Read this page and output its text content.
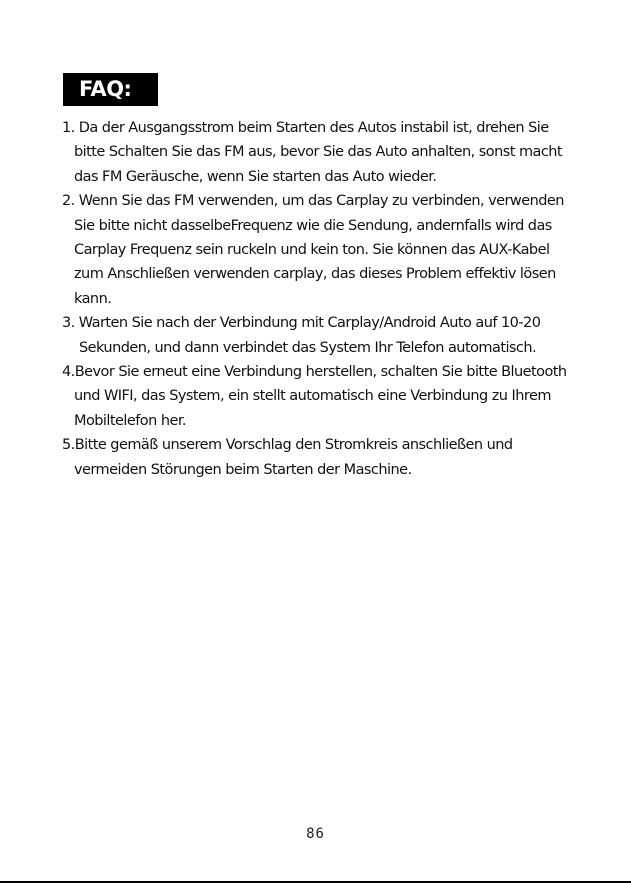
FAQ:
1. Da der Ausgangsstrom beim Starten des Autos instabil ist, drehen Sie
bitte Schalten Sie das FM aus, bevor Sie das Auto anhalten, sonst macht
das FM Geräusche, wenn Sie starten das Auto wieder.
2. Wenn Sie das FM verwenden, um das Carplay zu verbinden, verwenden
Sie bitte nicht dasselbeFrequenz wie die Sendung, andernfalls wird das
Carplay Frequenz sein ruckeln und kein ton. Sie können das AUX-Kabel
zum Anschließen verwenden carplay, das dieses Problem effektiv lösen
kann.
3. Warten Sie nach der Verbindung mit Carplay/Android Auto auf 10-20
Sekunden, und dann verbindet das System Ihr Telefon automatisch.
4.Bevor Sie erneut eine Verbindung herstellen, schalten Sie bitte Bluetooth
und WIFI, das System, ein stellt automatisch eine Verbindung zu Ihrem
Mobiltelefon her.
5.Bitte gemäß unserem Vorschlag den Stromkreis anschließen und
vermeiden Störungen beim Starten der Maschine.
86
